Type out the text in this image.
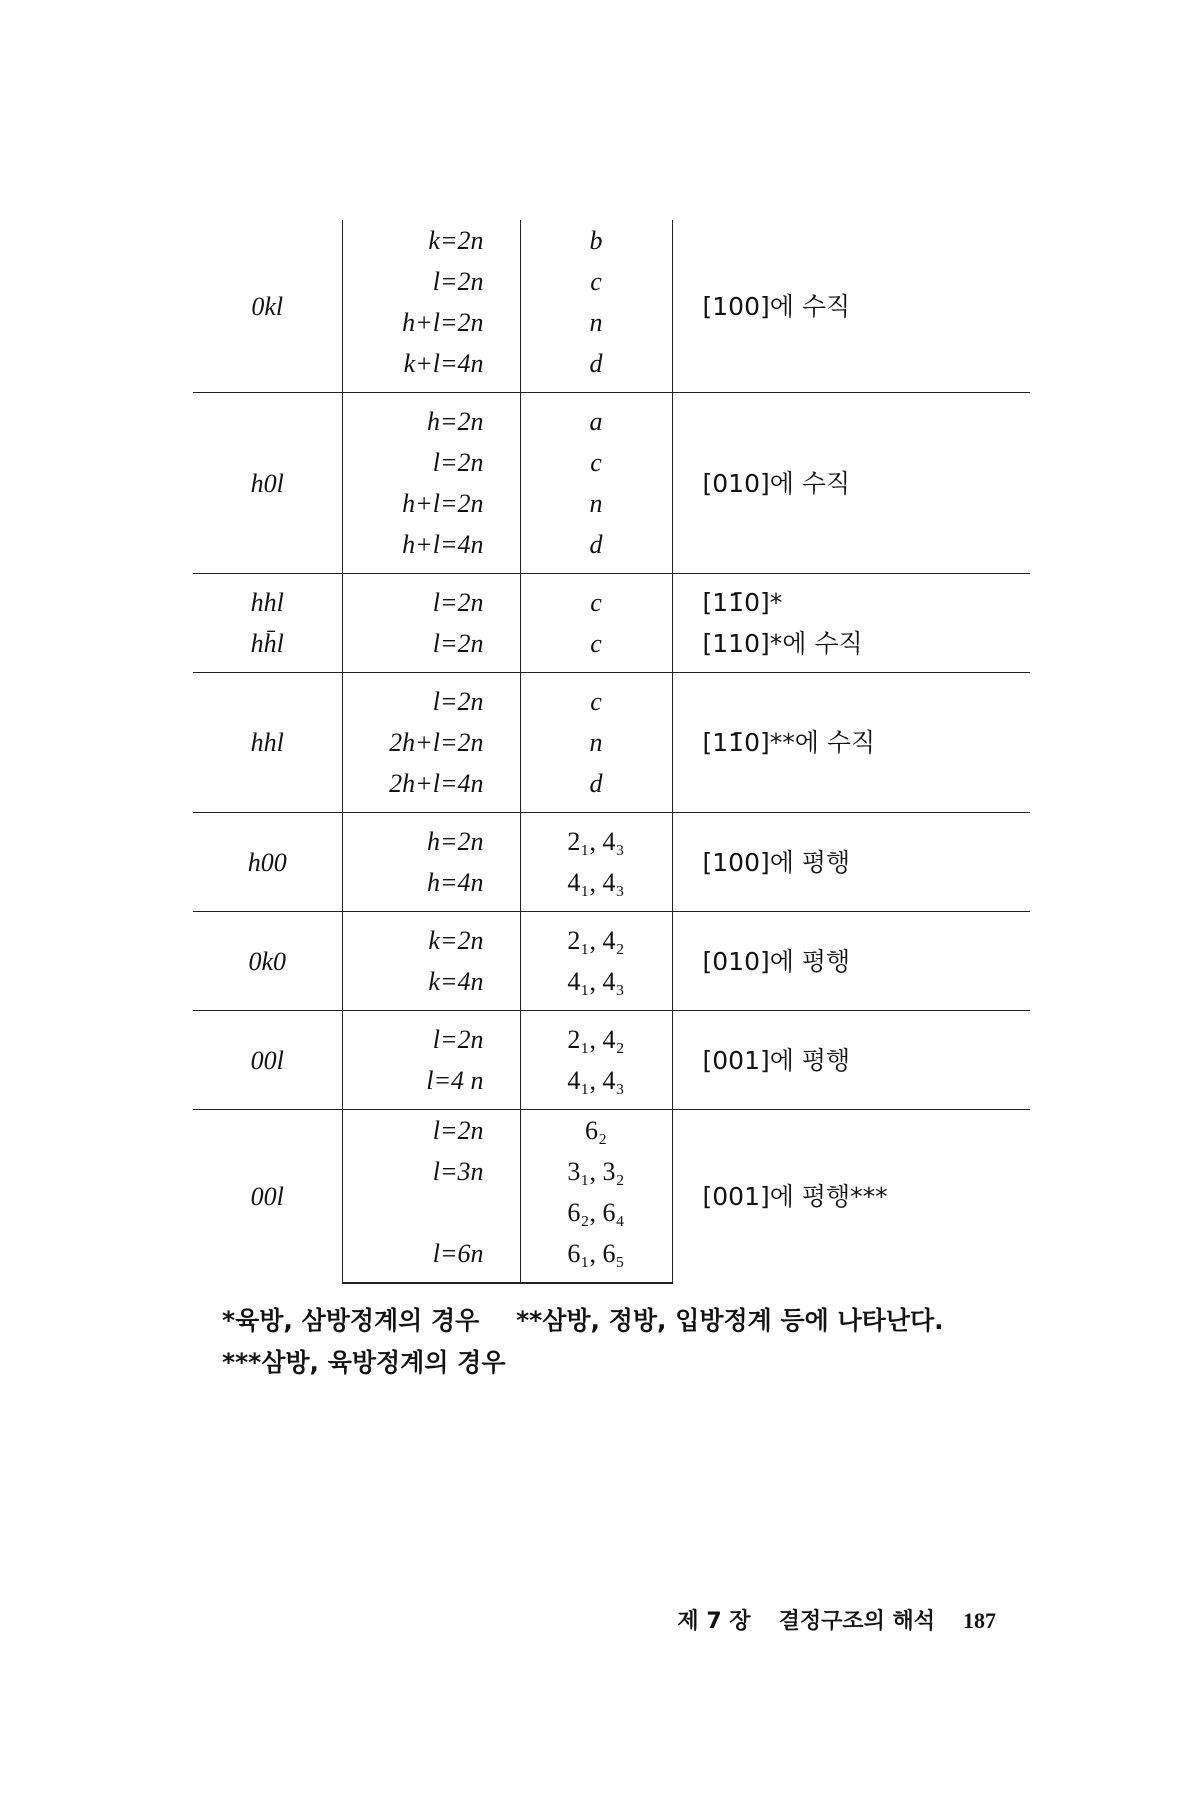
0kl	k=2n	b	[100]에 수직
	l=2n	c	
	h+l=2n	n	
	k+l=4n	d	
h0l	h=2n	a	[010]에 수직
	l=2n	c	
	h+l=2n	n	
	h+l=4n	d	
hhl	l=2n	c	[11̄0]*
hh̄l	l=2n	c	[110]*에 수직
hhl	l=2n	c	[11̄0]**에 수직
	2h+l=2n	n	
	2h+l=4n	d	
h00	h=2n	2₁, 4₃	[100]에 평행
	h=4n	4₁, 4₃	
0k0	k=2n	2₁, 4₂	[010]에 평행
	k=4n	4₁, 4₃	
00l	l=2n	2₁, 4₂	[001]에 평행
	l=4 n	4₁, 4₃	
00l	l=2n	6₂	[001]에 평행***
	l=3n	3₁, 3₂	
		6₂, 6₄	
	l=6n	6₁, 6₅	
*육방, 삼방정계의 경우 **삼방, 정방, 입방정계 등에 나타난다.
***삼방, 육방정계의 경우
제 7 장 결정구조의 해석 187
